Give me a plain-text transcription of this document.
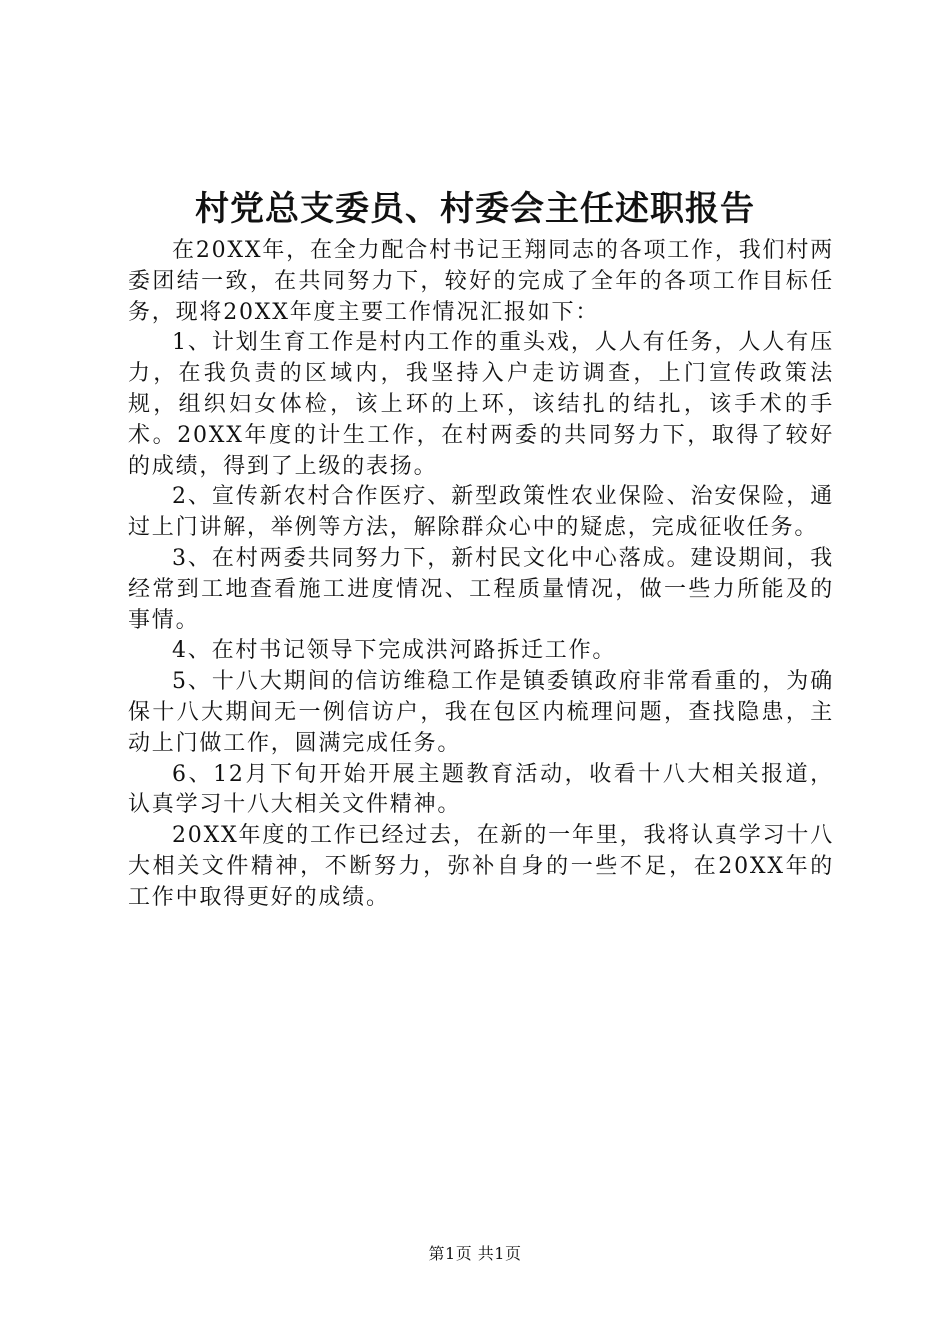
村党总支委员、村委会主任述职报告

在20XX年，在全力配合村书记王翔同志的各项工作，我们村两委团结一致，在共同努力下，较好的完成了全年的各项工作目标任务，现将20XX年度主要工作情况汇报如下：

1、计划生育工作是村内工作的重头戏，人人有任务，人人有压力，在我负责的区域内，我坚持入户走访调查，上门宣传政策法规，组织妇女体检，该上环的上环，该结扎的结扎，该手术的手术。20XX年度的计生工作，在村两委的共同努力下，取得了较好的成绩，得到了上级的表扬。

2、宣传新农村合作医疗、新型政策性农业保险、治安保险，通过上门讲解，举例等方法，解除群众心中的疑虑，完成征收任务。

3、在村两委共同努力下，新村民文化中心落成。建设期间，我经常到工地查看施工进度情况、工程质量情况，做一些力所能及的事情。

4、在村书记领导下完成洪河路拆迁工作。

5、十八大期间的信访维稳工作是镇委镇政府非常看重的，为确保十八大期间无一例信访户，我在包区内梳理问题，查找隐患，主动上门做工作，圆满完成任务。

6、12月下旬开始开展主题教育活动，收看十八大相关报道，认真学习十八大相关文件精神。

20XX年度的工作已经过去，在新的一年里，我将认真学习十八大相关文件精神，不断努力，弥补自身的一些不足，在20XX年的工作中取得更好的成绩。

第1页 共1页
